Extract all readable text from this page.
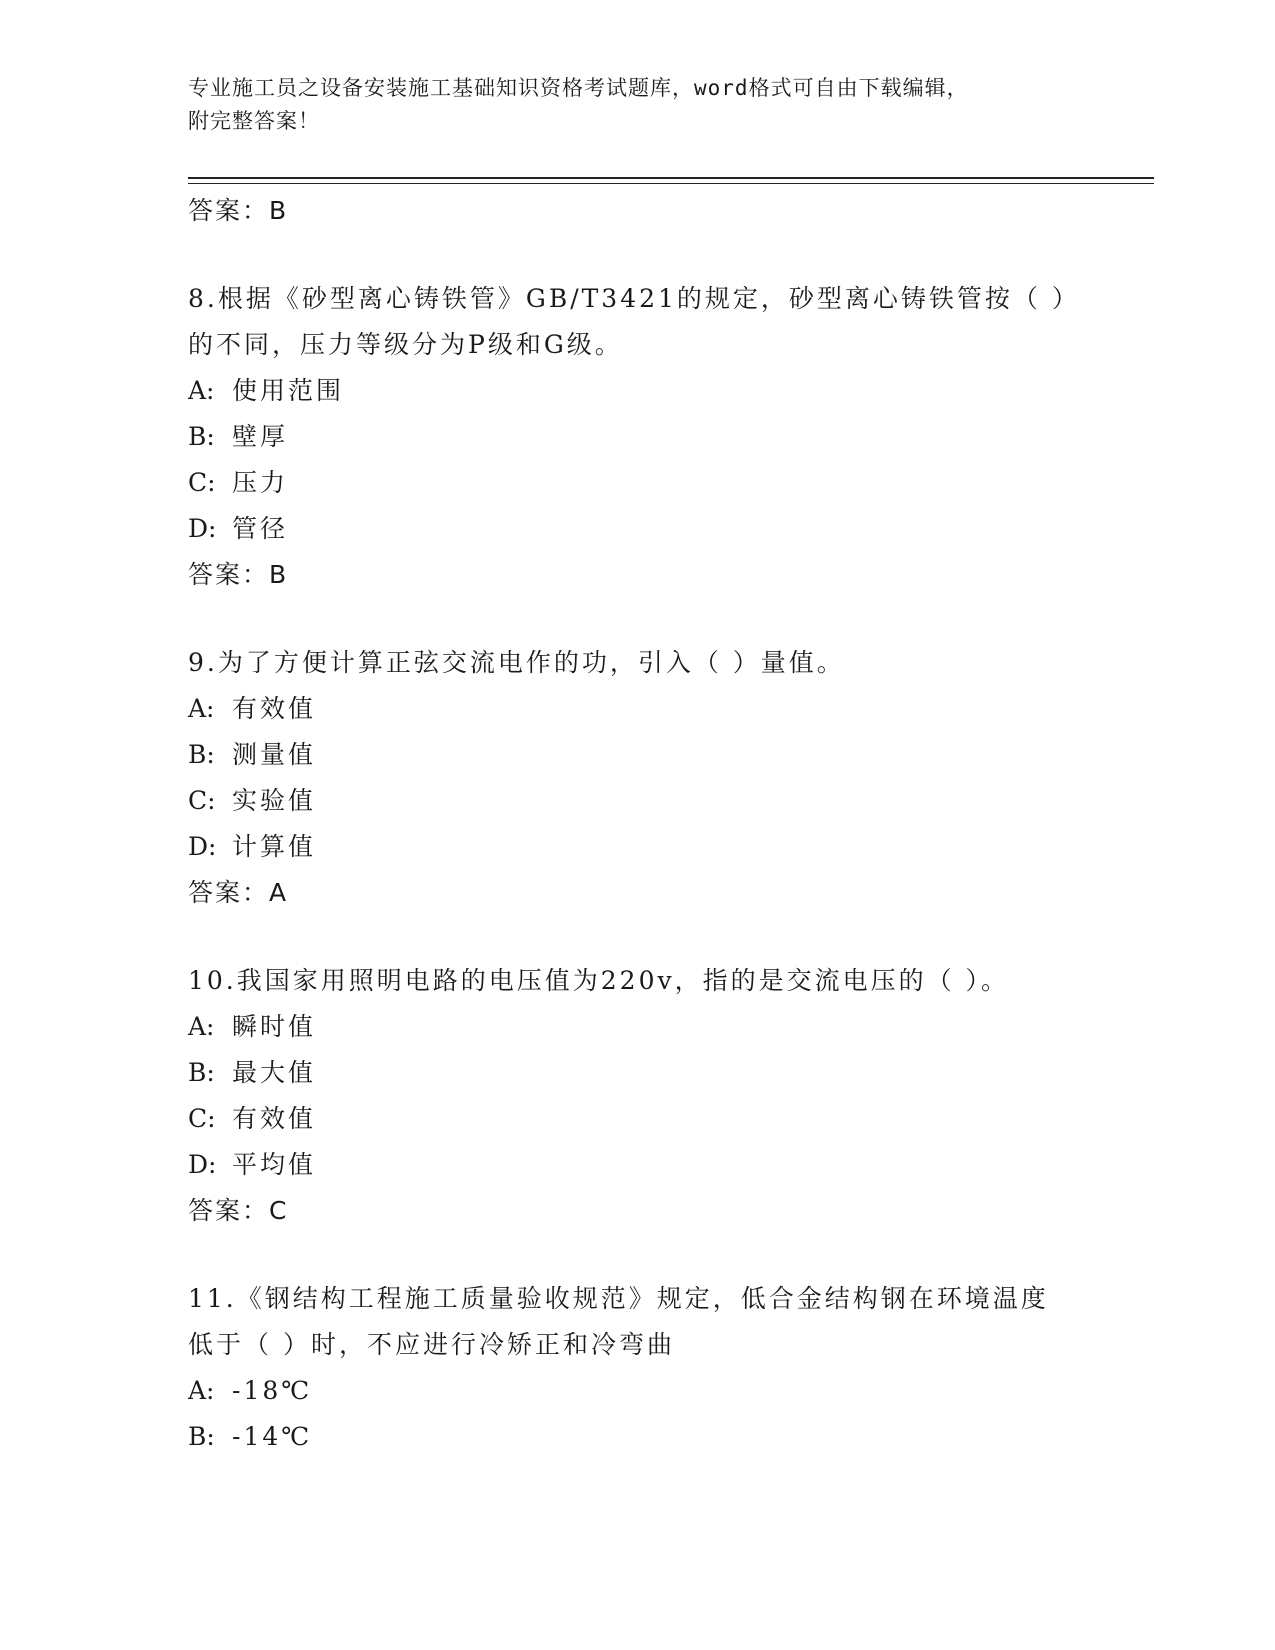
专业施工员之设备安装施工基础知识资格考试题库，word格式可自由下载编辑，
附完整答案！
答案：B
8.根据《砂型离心铸铁管》GB/T3421的规定，砂型离心铸铁管按（ ）
的不同，压力等级分为P级和G级。
A: 使用范围
B: 壁厚
C: 压力
D: 管径
答案：B
9.为了方便计算正弦交流电作的功，引入（ ）量值。
A: 有效值
B: 测量值
C: 实验值
D: 计算值
答案：A
10.我国家用照明电路的电压值为220v，指的是交流电压的（ ）。
A: 瞬时值
B: 最大值
C: 有效值
D: 平均值
答案：C
11.《钢结构工程施工质量验收规范》规定，低合金结构钢在环境温度
低于（ ）时，不应进行冷矫正和冷弯曲
A: -18℃
B: -14℃
